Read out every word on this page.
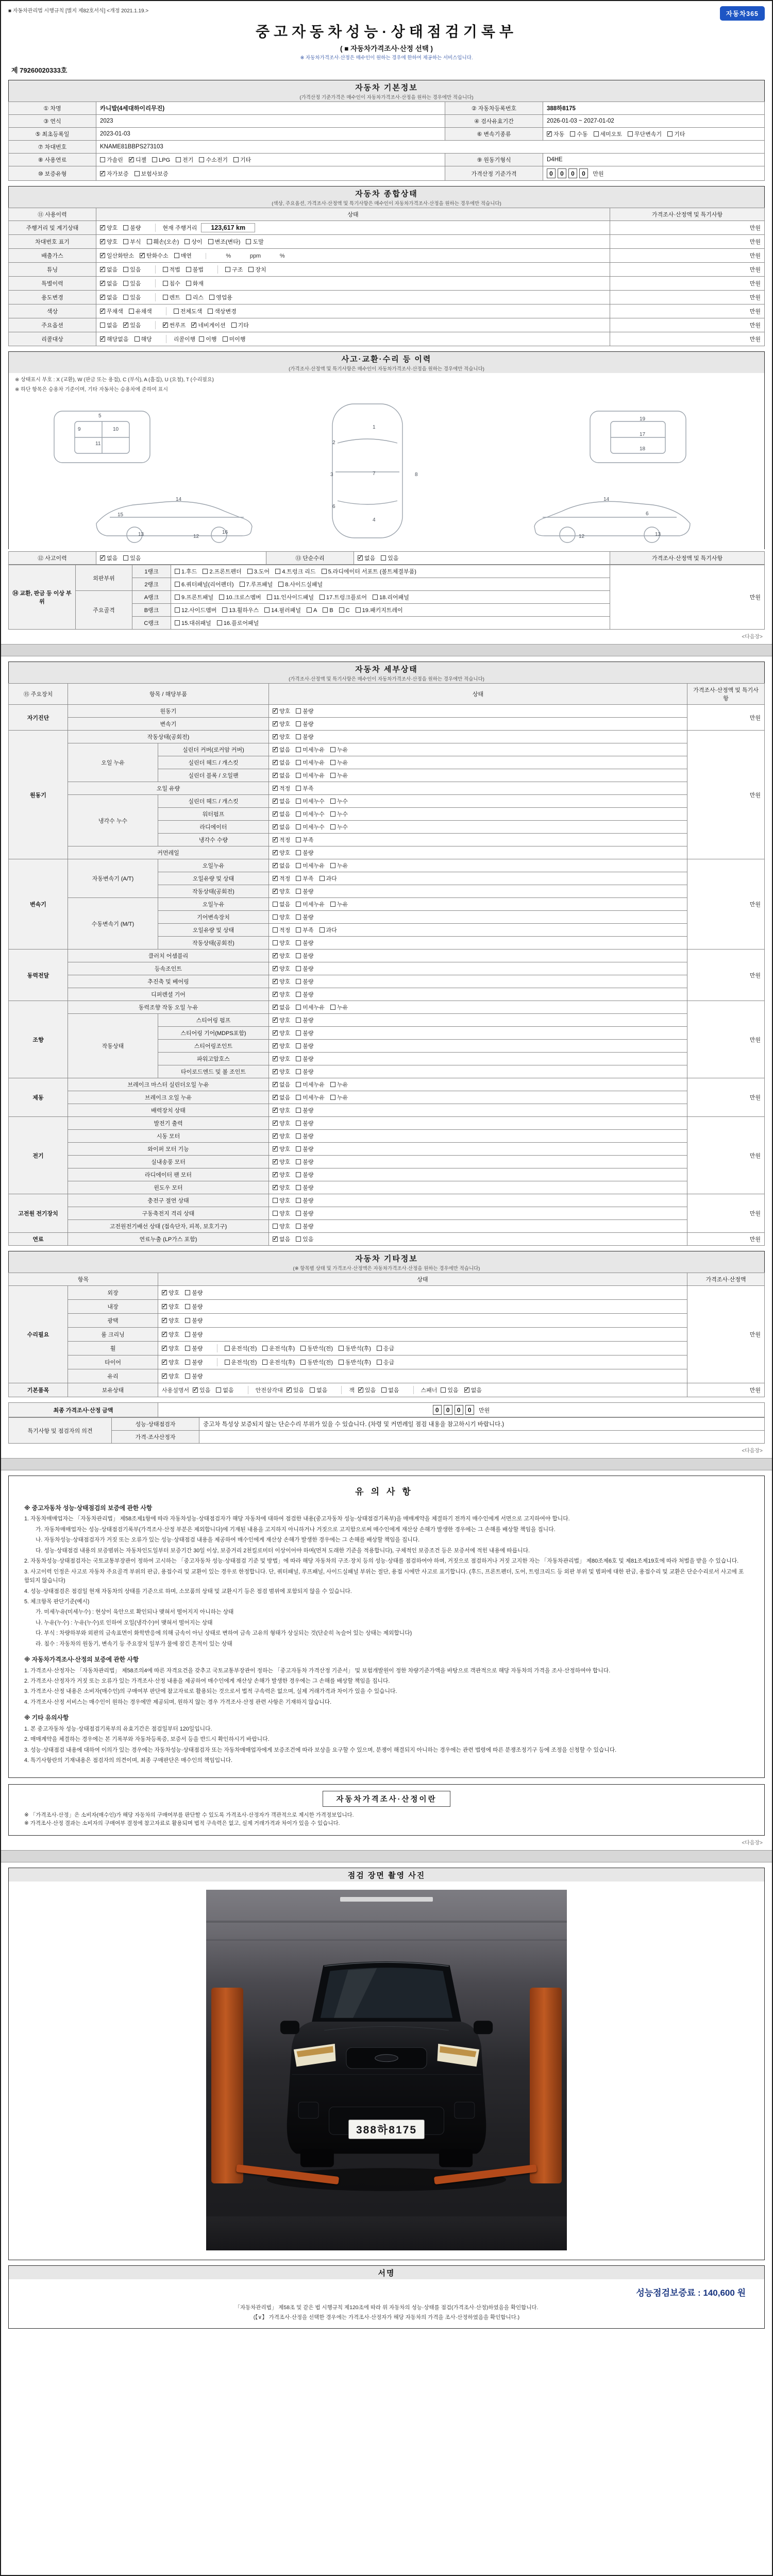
■ 자동차관리법 시행규칙 [별지 제82호서식] <개정 2021.1.19.>	자동차365
중고자동차성능·상태점검기록부
( ■ 자동차가격조사·산정 선택 )
※ 자동차가격조사·산정은 매수인이 원하는 경우에 한하여 제공하는 서비스입니다.
제 79260020333호
자동차 기본정보
(가격산정 기준가격은 매수인이 자동차가격조사·산정을 원하는 경우에만 적습니다)
① 차명	카니발(4세대하이리무진)	② 자동차등록번호	388하8175
③ 연식	2023	④ 검사유효기간	2026-01-03 ~ 2027-01-02
⑤ 최초등록일	2023-01-03	⑥ 변속기종류	✓자동 수동 세미오토 무단변속기 기타
⑦ 차대번호	KNAME81BBPS273103		
⑧ 사용연료	가솔린 ✓ 디젤 LPG 전기 수소전기 기타	⑨ 원동기형식	D4HE
⑩ 보증유형	✓자가보증 보험사보증	가격산정 기준가격	0 0 0 0 만원
자동차 종합상태
(색상, 주요옵션, 가격조사·산정액 및 특기사항은 매수인이 자동차가격조사·산정을 원하는 경우에만 적습니다)
⑪ 사용이력	상태	가격조사·산정액 및 특기사항
주행거리 및 계기상태	✓양호 불량 현재 주행거리 123,617 km	만원
차대번호 표기	✓양호 부식 훼손(오손) 상이 변조(변타) 도말	만원
배출가스	✓일산화탄소 ✓ 탄화수소 매연 %            ppm            %	만원
튜닝	✓없음 있음 적법 불법 구조 장치	만원
특별이력	✓없음 있음 침수 화재	만원
용도변경	✓없음 있음 렌트 리스 영업용	만원
색상	✓무채색 유채색 전체도색 색상변경	만원
주요옵션	없음 ✓ 있음 ✓ 썬루프 ✓ 네비게이션 기타	만원
리콜대상	✓해당없음 해당 리콜이행 이행 미이행	만원
사고·교환·수리 등 이력
(가격조사·산정액 및 특기사항은 매수인이 자동차가격조사·산정을 원하는 경우에만 적습니다)
※ 상태표시 부호 : X (교환), W (판금 또는 용접), C (부식), A (흠집), U (요철), T (수리필요)
※ 하단 항목은 승용차 기준이며, 기타 자동차는 승용차에 준하여 표시
5
9	10
11
1
2
3	7
6
4
8
19
17
18
15
13
14
12
16
14
13
12
6
⑫ 사고이력	✓없음 있음	⑬ 단순수리	✓없음 있음	가격조사·산정액 및 특기사항
⑭ 교환, 판금 등 이상 부위	외판부위	1랭크	1.후드 2.프론트펜더 3.도어 4.트렁크 리드 5.라디에이터 서포트 (볼트체결부품)	만원
		2랭크	6.쿼터패널(리어펜더) 7.루프패널 8.사이드실패널	
	주요골격	A랭크	9.프론트패널 10.크로스멤버 11.인사이드패널 17.트렁크플로어 18.리어패널	
		B랭크	12.사이드멤버 13.휠하우스 14.필러패널 A B C 19.패키지트레이	
		C랭크	15.대쉬패널 16.플로어패널	
<다음장>
자동차 세부상태
(가격조사·산정액 및 특기사항은 매수인이 자동차가격조사·산정을 원하는 경우에만 적습니다)
⑮ 주요장치	항목 / 해당부품		상태	가격조사·산정액 및 특기사항
자기진단	원동기	✓양호 불량	만원
	변속기	✓양호 불량
원동기	작동상태(공회전)	✓양호 불량	만원
	오일 누유	실린더 커버(로커암 커버)	✓없음 미세누유 누유
		실린더 헤드 / 개스킷	✓없음 미세누유 누유
		실린더 블록 / 오일팬	✓없음 미세누유 누유
	오일 유량	✓적정 부족
	냉각수 누수	실린더 헤드 / 개스킷	✓없음 미세누수 누수
		워터펌프	✓없음 미세누수 누수
		라디에이터	✓없음 미세누수 누수
		냉각수 수량	✓적정 부족
	커먼레일	✓양호 불량
변속기	자동변속기 (A/T)	오일누유	✓없음 미세누유 누유	만원
		오일유량 및 상태	✓적정 부족 과다
		작동상태(공회전)	✓양호 불량
	수동변속기 (M/T)	오일누유	없음 미세누유 누유	
		기어변속장치	양호 불량	
		오일유량 및 상태	적정 부족 과다	
		작동상태(공회전)	양호 불량	
동력전달	클러치 어셈블리	✓양호 불량	만원
	등속조인트	✓양호 불량
	추진축 및 베어링	✓양호 불량
	디퍼렌셜 기어	✓양호 불량
조향	동력조향 작동 오일 누유	✓없음 미세누유 누유	만원
	작동상태	스티어링 펌프	✓양호 불량
		스티어링 기어(MDPS포함)	✓양호 불량
		스티어링조인트	✓양호 불량
		파워고압호스	✓양호 불량
		타이로드엔드 및 볼 조인트	✓양호 불량
제동	브레이크 마스터 실린더오일 누유	✓없음 미세누유 누유	만원
	브레이크 오일 누유	✓없음 미세누유 누유
	배력장치 상태	✓양호 불량
전기	발전기 출력	✓양호 불량	만원
	시동 모터	✓양호 불량
	와이퍼 모터 기능	✓양호 불량
	실내송풍 모터	✓양호 불량
	라디에이터 팬 모터	✓양호 불량
	윈도우 모터	✓양호 불량
고전원 전기장치	충전구 절연 상태		양호 불량	만원
	구동축전지 격리 상태		양호 불량	
	고전원전기배선 상태 (접속단자, 피복, 보호기구)		양호 불량	
연료	연료누출 (LP가스 포함)	✓없음 있음	만원
자동차 기타정보
(※ 항목별 상태 및 가격조사·산정액은 자동차가격조사·산정을 원하는 경우에만 적습니다)
항목		상태	가격조사·산정액
수리필요	외장	✓양호 불량	만원
	내장	✓양호 불량
	광택	✓양호 불량
	룸 크리닝	✓양호 불량
	휠	✓양호 불량 운전석(전) 운전석(후) 동반석(전) 동반석(후) 응급
	타이어	✓양호 불량 운전석(전) 운전석(후) 동반석(전) 동반석(후) 응급
	유리	✓양호 불량
기본품목	보유상태	사용설명서 ✓ 있음 없음 안전삼각대 ✓ 있음 없음 잭 ✓ 있음 없음 스패너 있음 ✓ 없음	만원
최종 가격조사·산정 금액	0 0 0 0 만원
특기사항 및 점검자의 의견	성능·상태점검자	중고차 특성상 보증되지 않는 단순수리 부위가 있을 수 있습니다. (차령 및 커먼레일 점검 내용을 참고하시기 바랍니다.)
	가격·조사산정자	
<다음장>
유의사항
※ 중고자동차 성능·상태점검의 보증에 관한 사항
1. 자동차매매업자는 「자동차관리법」 제58조제1항에 따라 자동차성능·상태점검자가 해당 자동차에 대하여 점검한 내용(중고자동차 성능·상태점검기록부)을 매매계약을 체결하기 전까지 매수인에게 서면으로 고지하여야 합니다.
가. 자동차매매업자는 성능·상태점검기록부(가격조사·산정 부분은 제외합니다)에 기재된 내용을 고지하지 아니하거나 거짓으로 고지함으로써 매수인에게 재산상 손해가 발생한 경우에는 그 손해를 배상할 책임을 집니다.
나. 자동차성능·상태점검자가 거짓 또는 오류가 있는 성능·상태점검 내용을 제공하여 매수인에게 재산상 손해가 발생한 경우에는 그 손해를 배상할 책임을 집니다.
다. 성능·상태점검 내용의 보증범위는 자동차인도일부터 보증기간 30일 이상, 보증거리 2천킬로미터 이상이어야 하며(먼저 도래한 기준을 적용합니다), 구체적인 보증조건 등은 보증서에 적힌 내용에 따릅니다.
2. 자동차성능·상태점검자는 국토교통부장관이 정하여 고시하는 「중고자동차 성능·상태점검 기준 및 방법」에 따라 해당 자동차의 구조·장치 등의 성능·상태를 점검하여야 하며, 거짓으로 점검하거나 거짓 고지한 자는 「자동차관리법」 제80조제6호 및 제81조제19호에 따라 처벌을 받을 수 있습니다.
3. 사고이력 인정은 사고로 자동차 주요골격 부위의 판금, 용접수리 및 교환이 있는 경우로 한정합니다. 단, 쿼터패널, 루프패널, 사이드실패널 부위는 절단, 용접 시에만 사고로 표기합니다. (후드, 프론트펜더, 도어, 트렁크리드 등 외판 부위 및 범퍼에 대한 판금, 용접수리 및 교환은 단순수리로서 사고에 포함되지 않습니다)
4. 성능·상태점검은 점검일 현재 자동차의 상태를 기준으로 하며, 소모품의 상태 및 교환시기 등은 점검 범위에 포함되지 않을 수 있습니다.
5. 체크항목 판단기준(예시)
가. 미세누유(미세누수) : 현상이 육안으로 확인되나 맺혀서 떨어지지 아니하는 상태
나. 누유(누수) : 누유(누수)로 인하여 오일(냉각수)이 맺혀서 떨어지는 상태
다. 부식 : 차량하부와 외판의 금속표면이 화학반응에 의해 금속이 아닌 상태로 변하여 금속 고유의 형태가 상실되는 것(단순히 녹슬어 있는 상태는 제외합니다)
라. 침수 : 자동차의 원동기, 변속기 등 주요장치 일부가 물에 잠긴 흔적이 있는 상태
※ 자동차가격조사·산정의 보증에 관한 사항
1. 가격조사·산정자는 「자동차관리법」 제58조의4에 따른 자격요건을 갖추고 국토교통부장관이 정하는 「중고자동차 가격산정 기준서」 및 보험개발원이 정한 차량기준가액을 바탕으로 객관적으로 해당 자동차의 가격을 조사·산정하여야 합니다.
2. 가격조사·산정자가 거짓 또는 오류가 있는 가격조사·산정 내용을 제공하여 매수인에게 재산상 손해가 발생한 경우에는 그 손해를 배상할 책임을 집니다.
3. 가격조사·산정 내용은 소비자(매수인)의 구매여부 판단에 참고자료로 활용되는 것으로서 법적 구속력은 없으며, 실제 거래가격과 차이가 있을 수 있습니다.
4. 가격조사·산정 서비스는 매수인이 원하는 경우에만 제공되며, 원하지 않는 경우 가격조사·산정 관련 사항은 기재하지 않습니다.
※ 기타 유의사항
1. 본 중고자동차 성능·상태점검기록부의 유효기간은 점검일부터 120일입니다.
2. 매매계약을 체결하는 경우에는 본 기록부와 자동차등록증, 보증서 등을 반드시 확인하시기 바랍니다.
3. 성능·상태점검 내용에 대하여 이의가 있는 경우에는 자동차성능·상태점검자 또는 자동차매매업자에게 보증조건에 따라 보상을 요구할 수 있으며, 분쟁이 해결되지 아니하는 경우에는 관련 법령에 따른 분쟁조정기구 등에 조정을 신청할 수 있습니다.
4. 특기사항란의 기재내용은 점검자의 의견이며, 최종 구매판단은 매수인의 책임입니다.
자동차가격조사·산정이란
※ 「가격조사·산정」은 소비자(매수인)가 해당 자동차의 구매여부를 판단할 수 있도록 가격조사·산정자가 객관적으로 제시한 가격정보입니다.
※ 가격조사·산정 결과는 소비자의 구매여부 결정에 참고자료로 활용되며 법적 구속력은 없고, 실제 거래가격과 차이가 있을 수 있습니다.
<다음장>
점검 장면 촬영 사진
388하8175
서명
성능점검보증료 : 140,600 원
「자동차관리법」 제58조 및 같은 법 시행규칙 제120조에 따라 위 자동차의 성능·상태를 점검(가격조사·산정)하였음을 확인합니다.
(【∨】 가격조사·산정을 선택한 경우에는 가격조사·산정자가 해당 자동차의 가격을 조사·산정하였음을 확인합니다.)
